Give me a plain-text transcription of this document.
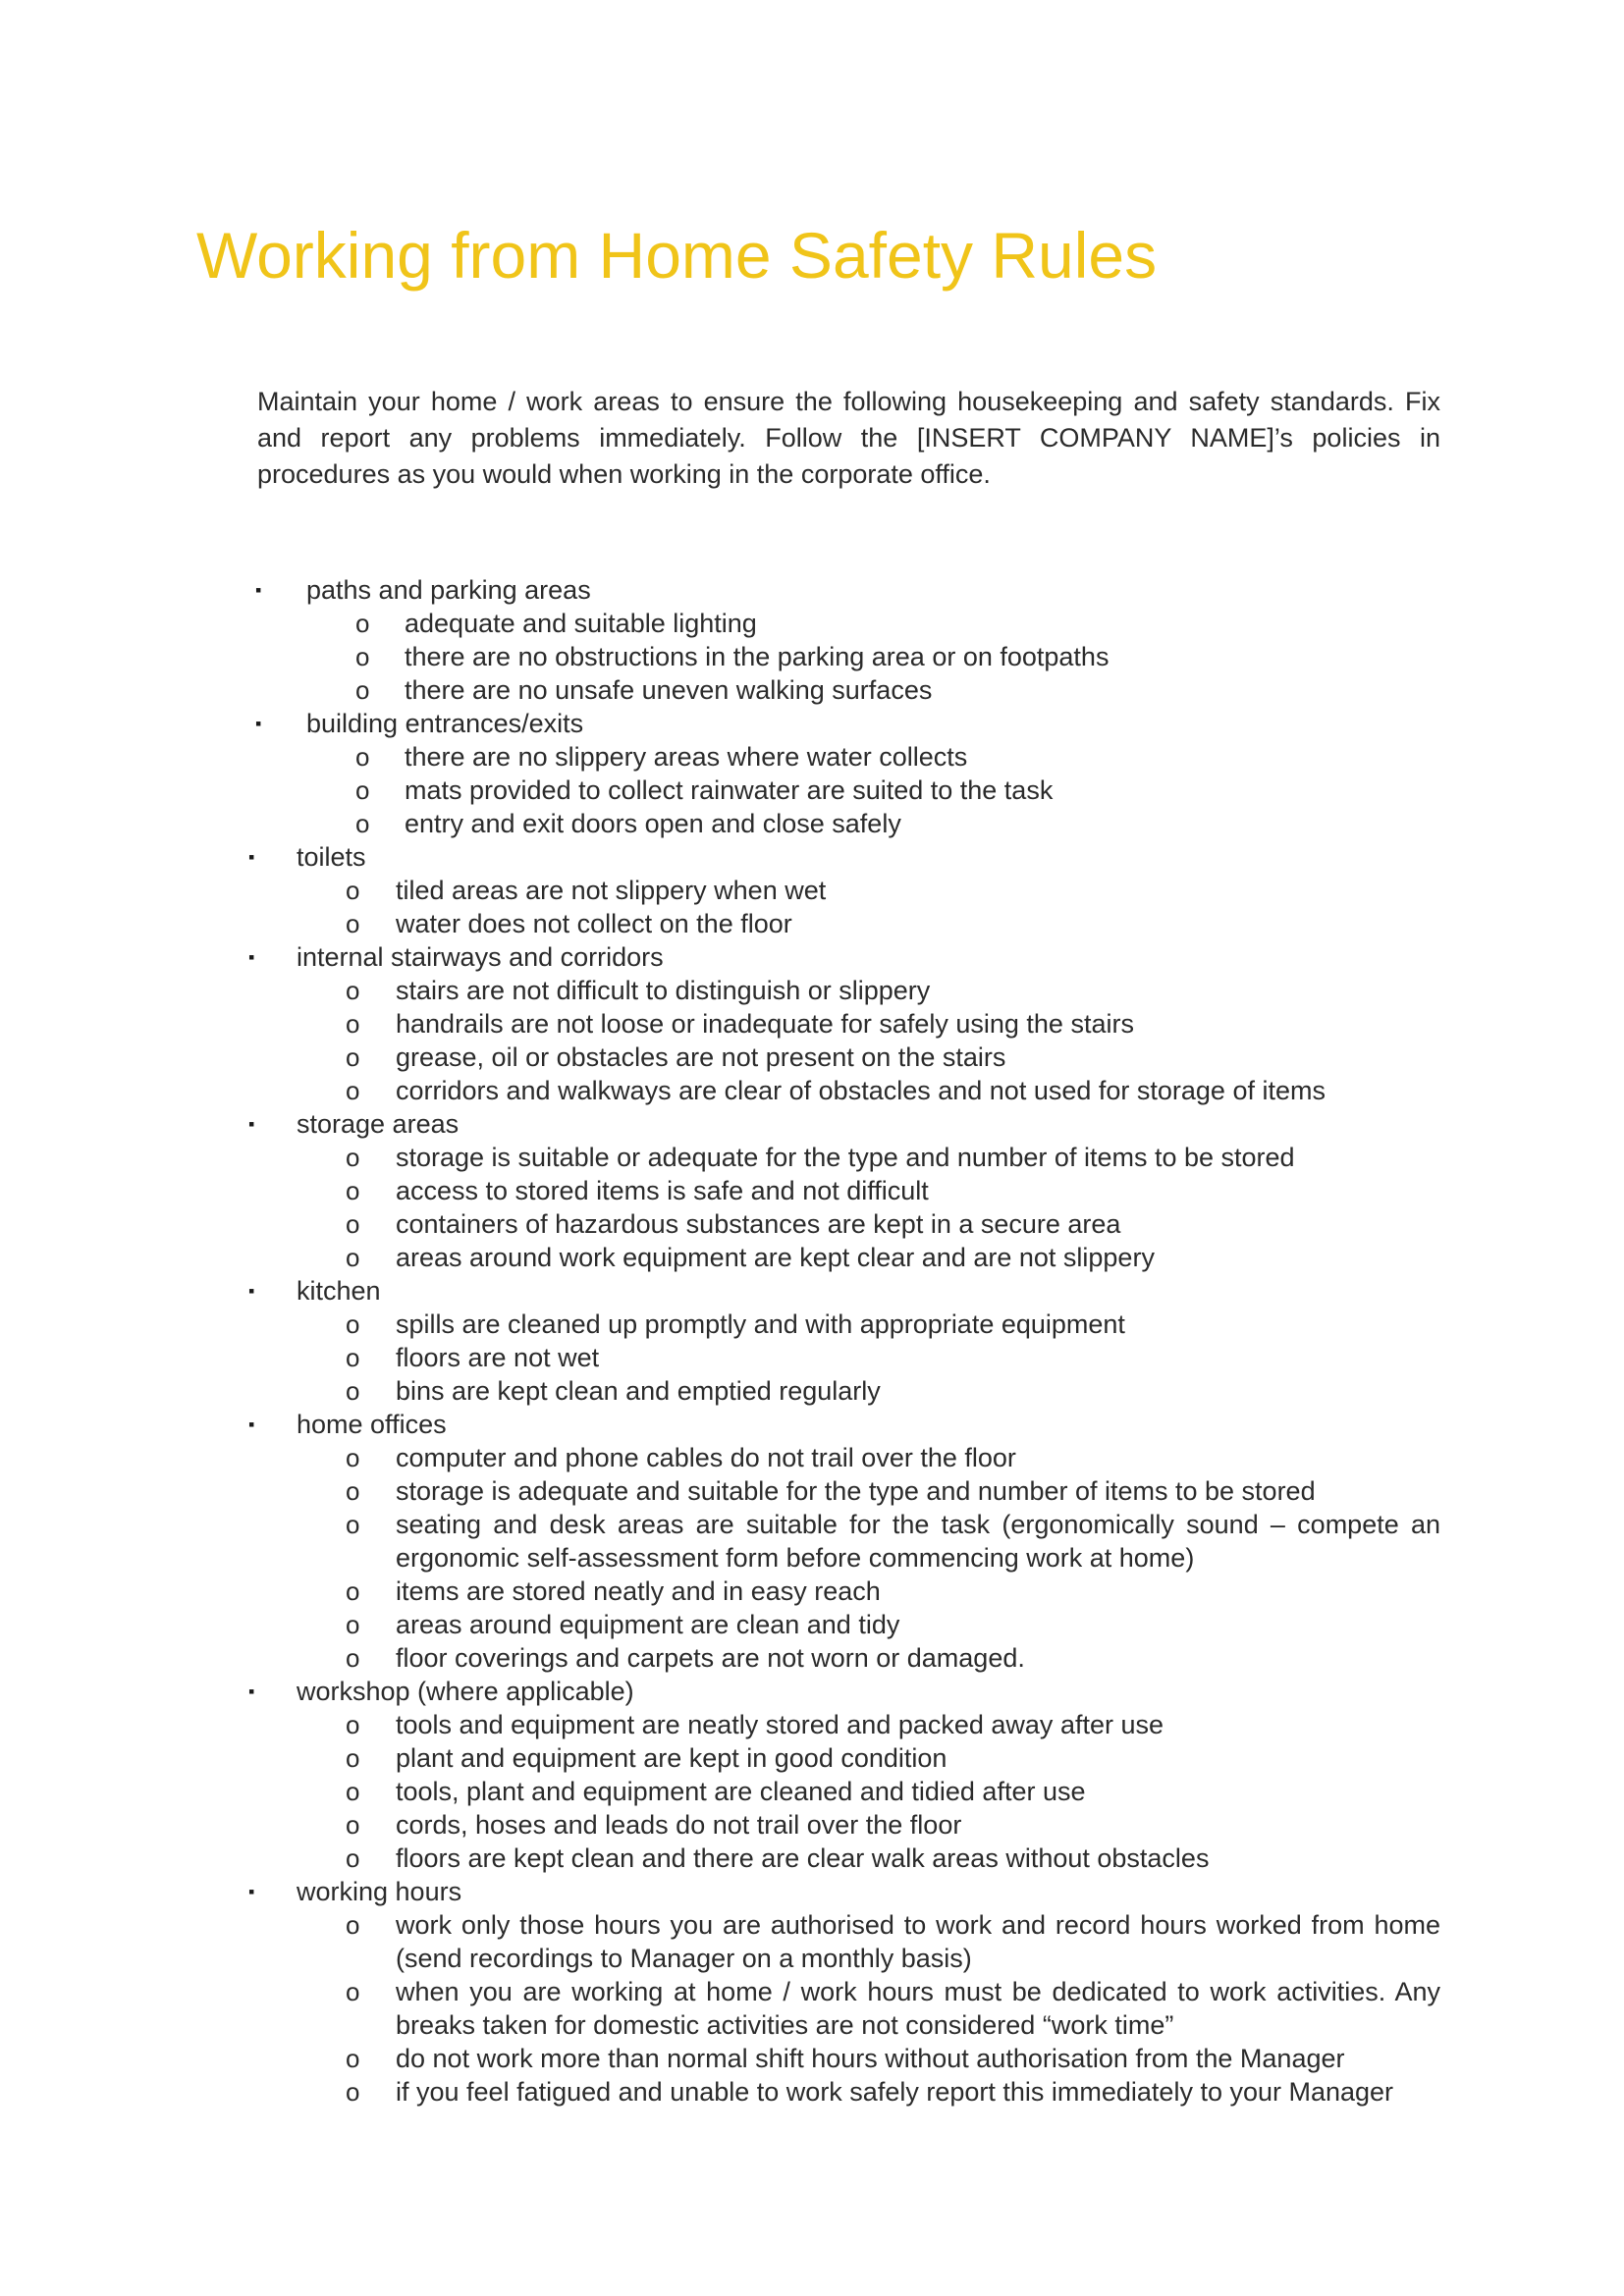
Working from Home Safety Rules

Maintain your home / work areas to ensure the following housekeeping and safety standards. Fix and report any problems immediately. Follow the [INSERT COMPANY NAME]’s policies in procedures as you would when working in the corporate office.

▪ paths and parking areas
o adequate and suitable lighting
o there are no obstructions in the parking area or on footpaths
o there are no unsafe uneven walking surfaces
▪ building entrances/exits
o there are no slippery areas where water collects
o mats provided to collect rainwater are suited to the task
o entry and exit doors open and close safely
▪ toilets
o tiled areas are not slippery when wet
o water does not collect on the floor
▪ internal stairways and corridors
o stairs are not difficult to distinguish or slippery
o handrails are not loose or inadequate for safely using the stairs
o grease, oil or obstacles are not present on the stairs
o corridors and walkways are clear of obstacles and not used for storage of items
▪ storage areas
o storage is suitable or adequate for the type and number of items to be stored
o access to stored items is safe and not difficult
o containers of hazardous substances are kept in a secure area
o areas around work equipment are kept clear and are not slippery
▪ kitchen
o spills are cleaned up promptly and with appropriate equipment
o floors are not wet
o bins are kept clean and emptied regularly
▪ home offices
o computer and phone cables do not trail over the floor
o storage is adequate and suitable for the type and number of items to be stored
o seating and desk areas are suitable for the task (ergonomically sound – compete an ergonomic self-assessment form before commencing work at home)
o items are stored neatly and in easy reach
o areas around equipment are clean and tidy
o floor coverings and carpets are not worn or damaged.
▪ workshop (where applicable)
o tools and equipment are neatly stored and packed away after use
o plant and equipment are kept in good condition
o tools, plant and equipment are cleaned and tidied after use
o cords, hoses and leads do not trail over the floor
o floors are kept clean and there are clear walk areas without obstacles
▪ working hours
o work only those hours you are authorised to work and record hours worked from home (send recordings to Manager on a monthly basis)
o when you are working at home / work hours must be dedicated to work activities. Any breaks taken for domestic activities are not considered “work time”
o do not work more than normal shift hours without authorisation from the Manager
o if you feel fatigued and unable to work safely report this immediately to your Manager
